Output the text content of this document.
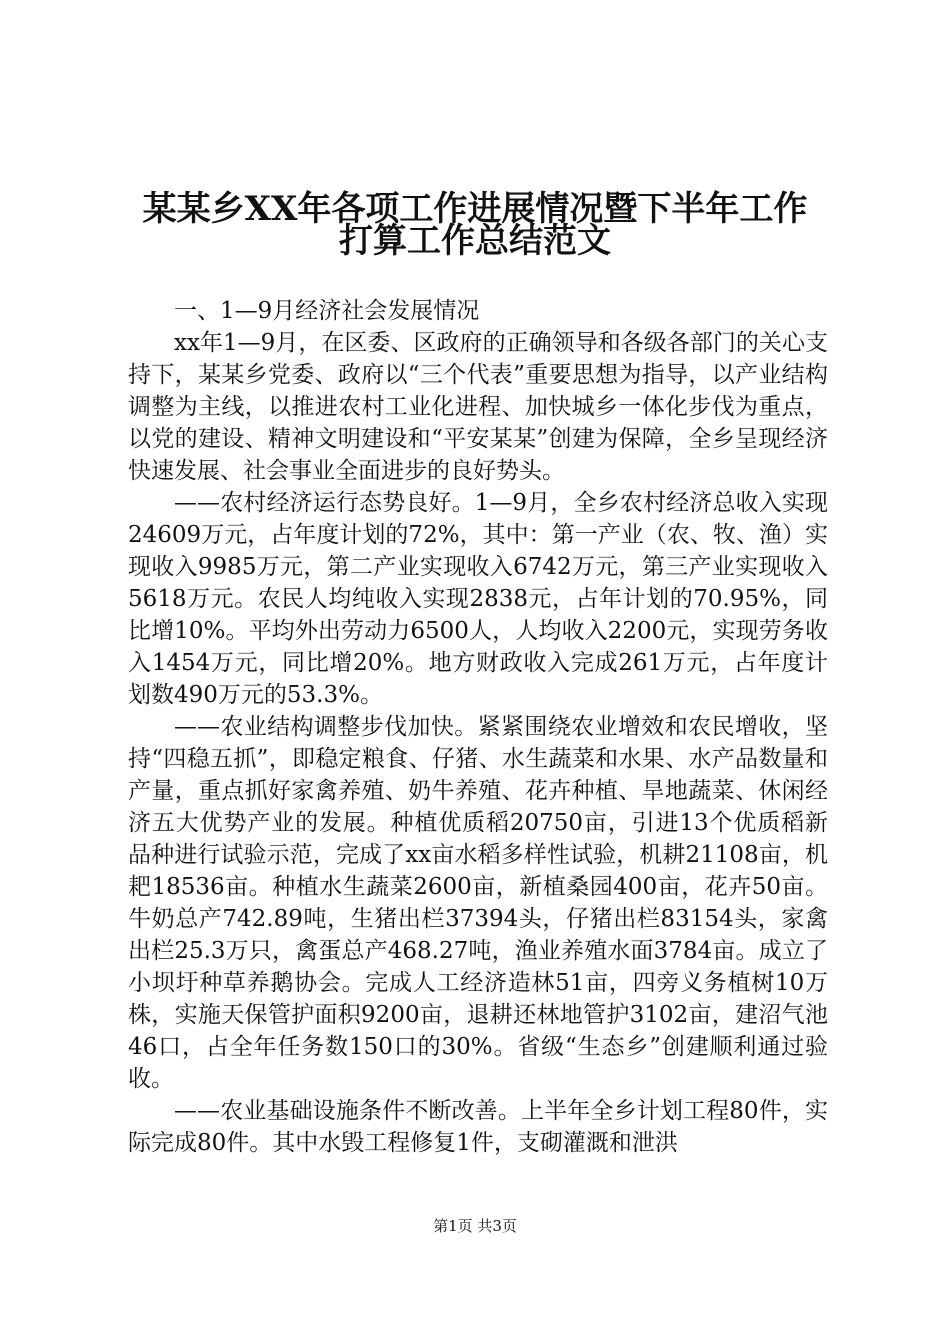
某某乡XX年各项工作进展情况暨下半年工作
打算工作总结范文

一、1—9月经济社会发展情况

xx年1—9月，在区委、区政府的正确领导和各级各部门的关心支持下，某某乡党委、政府以“三个代表”重要思想为指导，以产业结构调整为主线，以推进农村工业化进程、加快城乡一体化步伐为重点，以党的建设、精神文明建设和“平安某某”创建为保障，全乡呈现经济快速发展、社会事业全面进步的良好势头。

——农村经济运行态势良好。1—9月，全乡农村经济总收入实现24609万元，占年度计划的72%，其中：第一产业（农、牧、渔）实现收入9985万元，第二产业实现收入6742万元，第三产业实现收入5618万元。农民人均纯收入实现2838元，占年计划的70.95%，同比增10%。平均外出劳动力6500人，人均收入2200元，实现劳务收入1454万元，同比增20%。地方财政收入完成261万元，占年度计划数490万元的53.3%。

——农业结构调整步伐加快。紧紧围绕农业增效和农民增收，坚持“四稳五抓”，即稳定粮食、仔猪、水生蔬菜和水果、水产品数量和产量，重点抓好家禽养殖、奶牛养殖、花卉种植、旱地蔬菜、休闲经济五大优势产业的发展。种植优质稻20750亩，引进13个优质稻新品种进行试验示范，完成了xx亩水稻多样性试验，机耕21108亩，机耙18536亩。种植水生蔬菜2600亩，新植桑园400亩，花卉50亩。牛奶总产742.89吨，生猪出栏37394头，仔猪出栏83154头，家禽出栏25.3万只，禽蛋总产468.27吨，渔业养殖水面3784亩。成立了小坝圩种草养鹅协会。完成人工经济造林51亩，四旁义务植树10万株，实施天保管护面积9200亩，退耕还林地管护3102亩，建沼气池46口，占全年任务数150口的30%。省级“生态乡”创建顺利通过验收。

——农业基础设施条件不断改善。上半年全乡计划工程80件，实际完成80件。其中水毁工程修复1件，支砌灌溉和泄洪

第1页 共3页
